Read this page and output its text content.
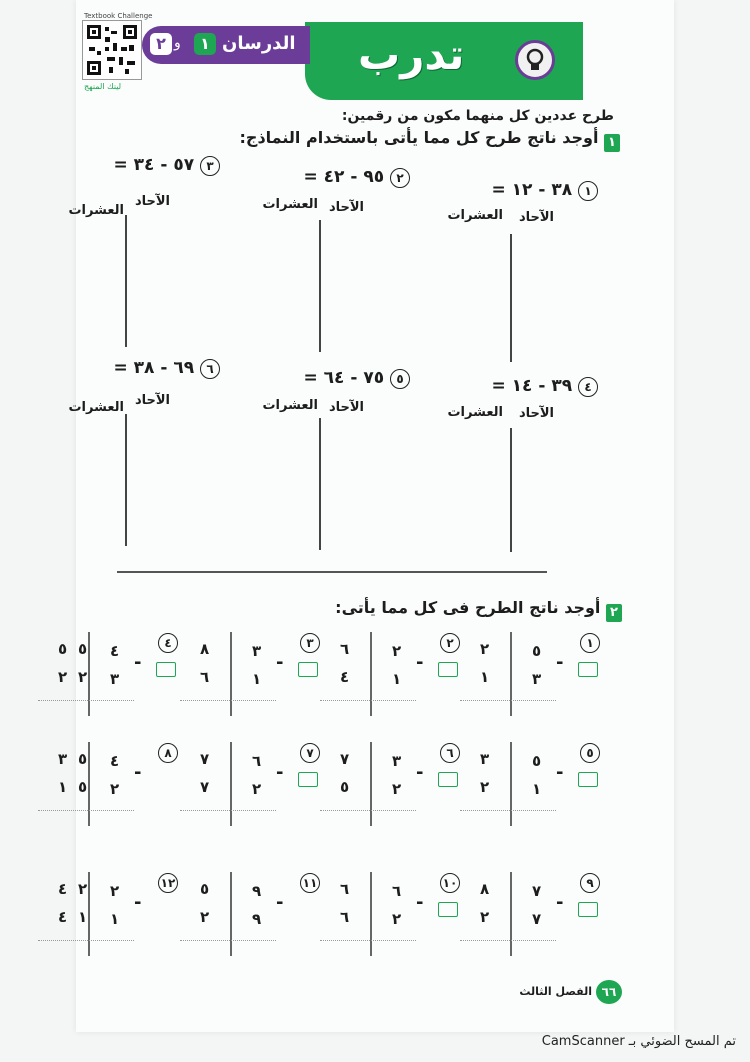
تدرب
الدرسان
١
و
٢
Textbook Challenge
لينك المنهج
طرح عددين كل منهما مكون من رقمين:
١ أوجد ناتج طرح كل مما يأتى باستخدام النماذج:
١ ٣٨ - ١٢ =
٢ ٩٥ - ٤٢ =
٣ ٥٧ - ٣٤ =
الآحاد
العشرات
الآحاد
العشرات
الآحاد
العشرات
٤ ٣٩ - ١٤ =
٥ ٧٥ - ٦٤ =
٦ ٦٩ - ٣٨ =
الآحاد
العشرات
الآحاد
العشرات
الآحاد
العشرات
٢ أوجد ناتج الطرح فى كل مما يأتى:
١
-
٥
٣
٢
١
٢
-
٢
١
٦
٤
٣
-
٣
١
٨
٦
٤
-
٤
٣
٥
٢
٥
٢
٥
-
٥
١
٣
٢
٦
-
٣
٢
٧
٥
٧
-
٦
٢
٧
٧
٨
-
٤
٢
٣
١
٥
٥
٩
-
٧
٧
٨
٢
١٠
-
٦
٢
٦
٦
١١
-
٩
٩
٥
٢
١٢
-
٢
١
٤
٤
٢
١
٦٦
الفصل الثالث
تم المسح الضوئي بـ CamScanner
